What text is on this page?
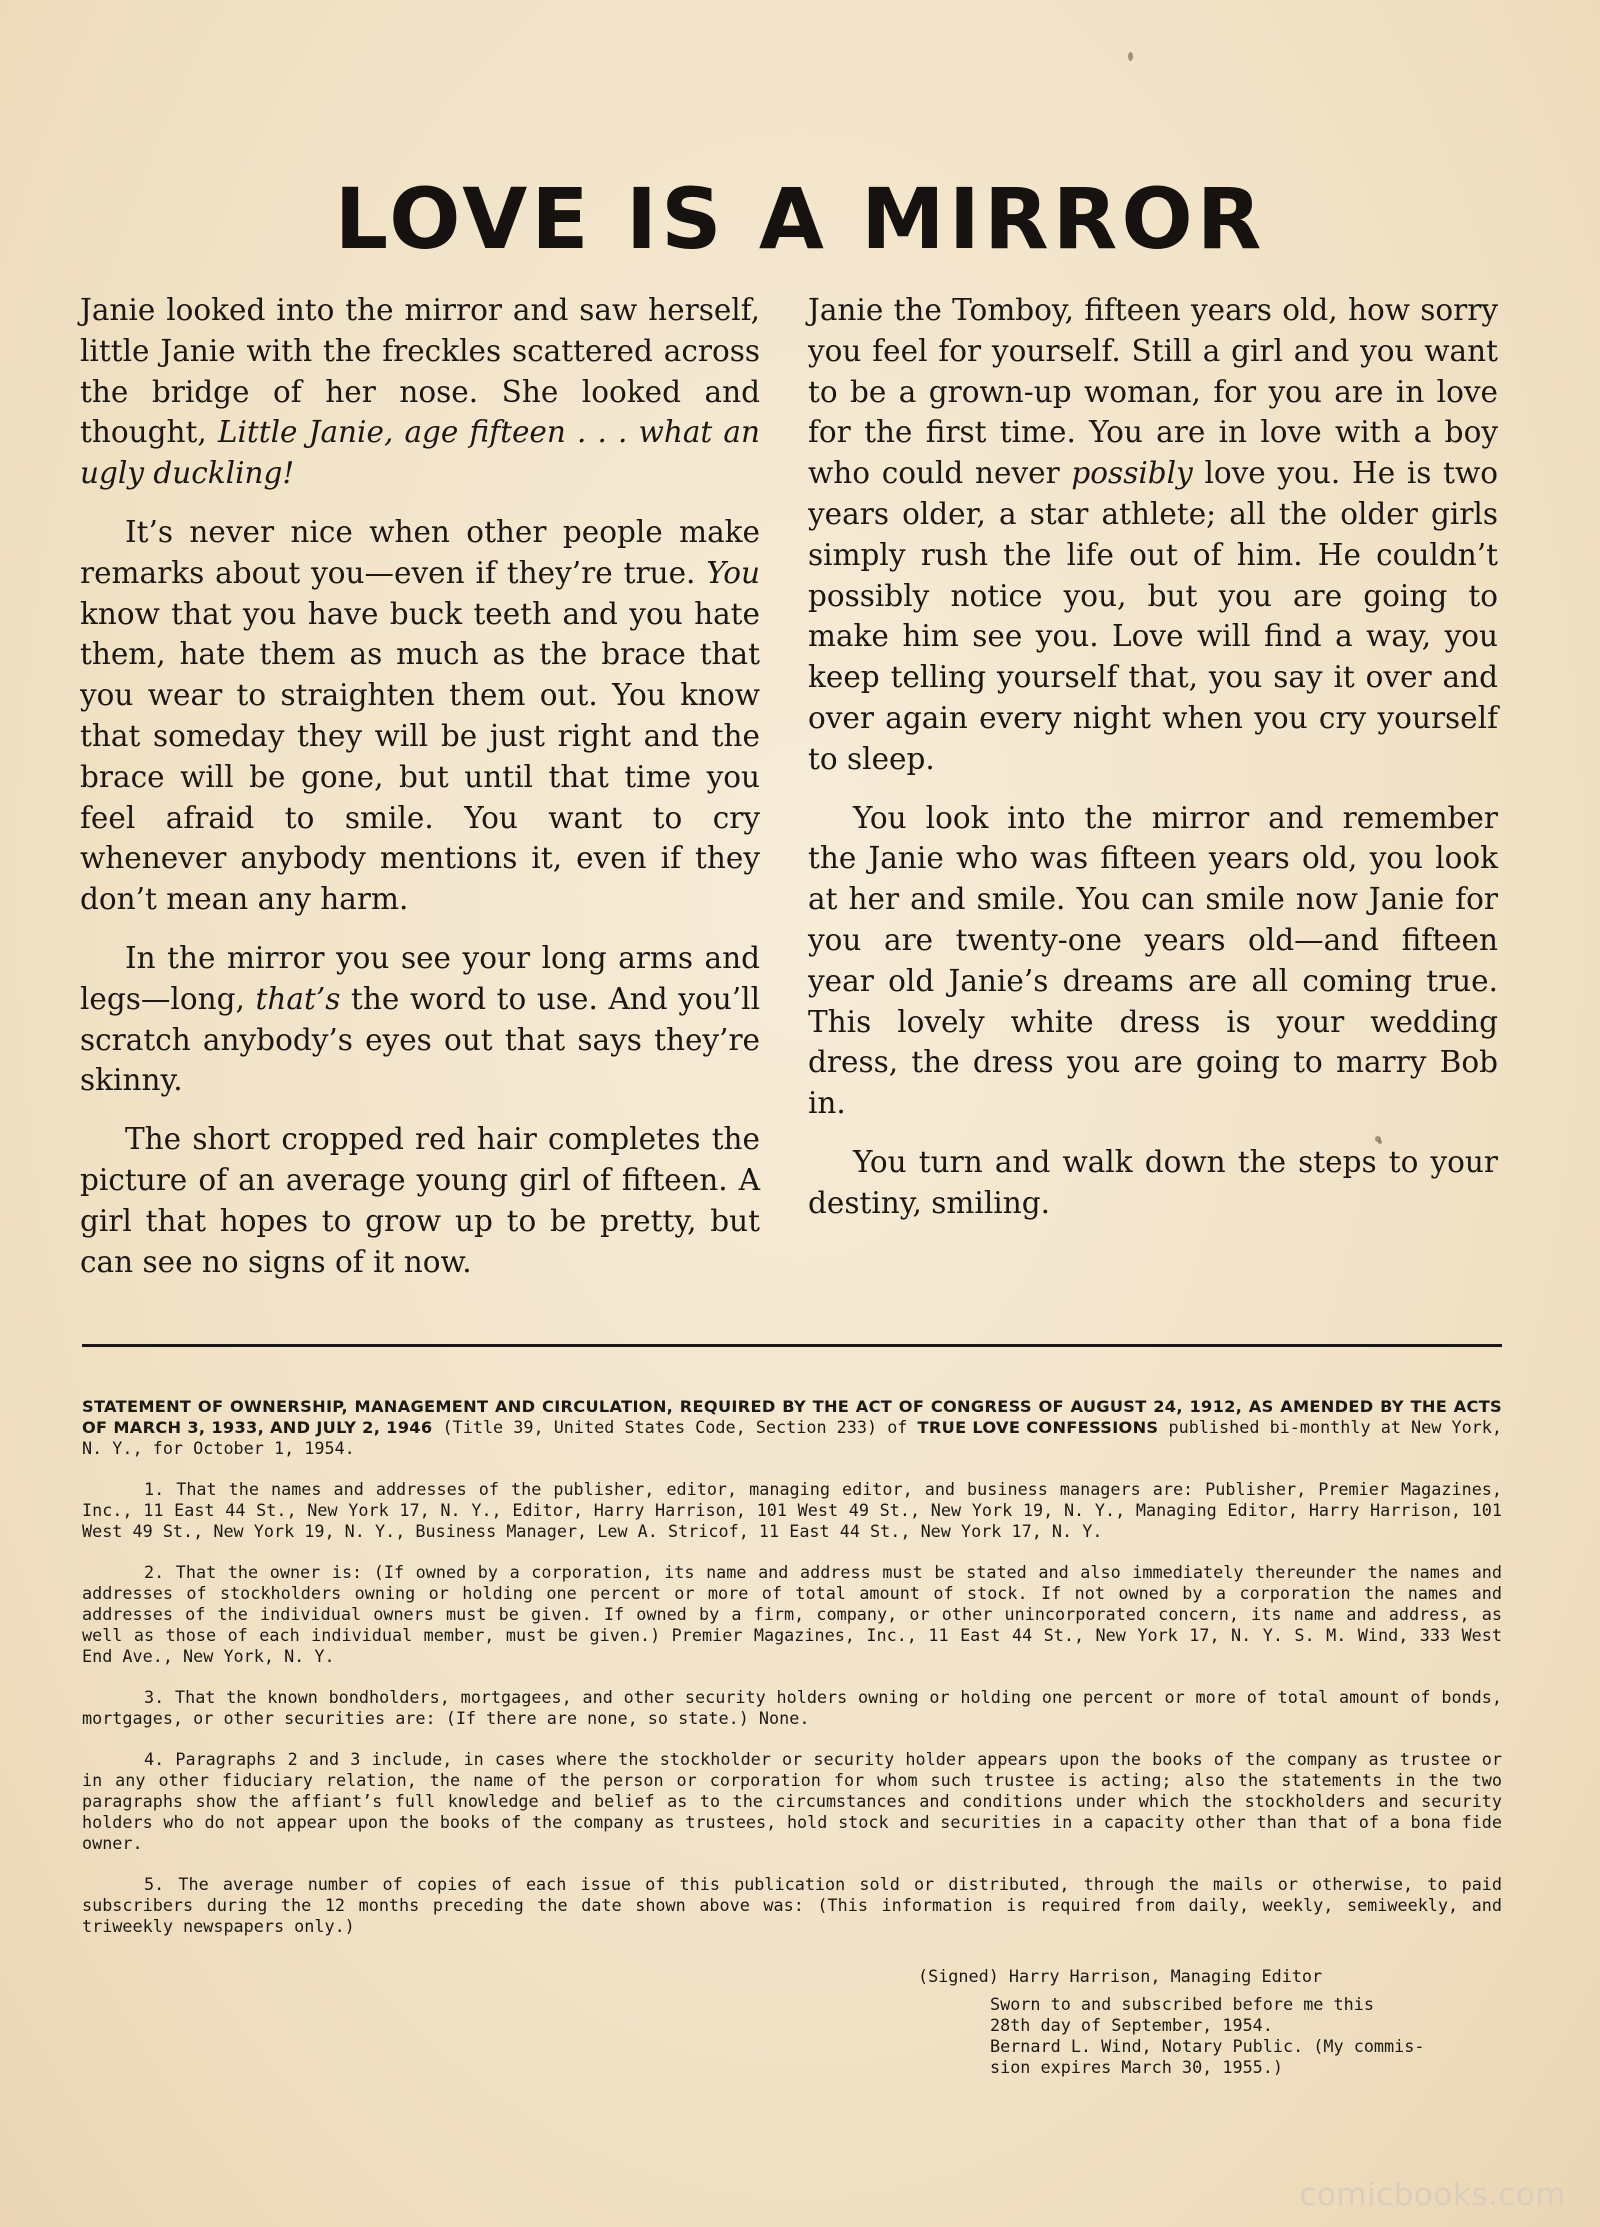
LOVE IS A MIRROR

Janie looked into the mirror and saw herself, little Janie with the freckles scattered across the bridge of her nose. She looked and thought, Little Janie, age fifteen . . . what an ugly duckling!

It’s never nice when other people make remarks about you—even if they’re true. You know that you have buck teeth and you hate them, hate them as much as the brace that you wear to straighten them out. You know that someday they will be just right and the brace will be gone, but until that time you feel afraid to smile. You want to cry whenever anybody mentions it, even if they don’t mean any harm.

In the mirror you see your long arms and legs—long, that’s the word to use. And you’ll scratch anybody’s eyes out that says they’re skinny.

The short cropped red hair completes the picture of an average young girl of fifteen. A girl that hopes to grow up to be pretty, but can see no signs of it now.

Janie the Tomboy, fifteen years old, how sorry you feel for yourself. Still a girl and you want to be a grown-up woman, for you are in love for the first time. You are in love with a boy who could never possibly love you. He is two years older, a star athlete; all the older girls simply rush the life out of him. He couldn’t possibly notice you, but you are going to make him see you. Love will find a way, you keep telling yourself that, you say it over and over again every night when you cry yourself to sleep.

You look into the mirror and remember the Janie who was fifteen years old, you look at her and smile. You can smile now Janie for you are twenty-one years old—and fifteen year old Janie’s dreams are all coming true. This lovely white dress is your wedding dress, the dress you are going to marry Bob in.

You turn and walk down the steps to your destiny, smiling.

STATEMENT OF OWNERSHIP, MANAGEMENT AND CIRCULATION, REQUIRED BY THE ACT OF CONGRESS OF AUGUST 24, 1912, AS AMENDED BY THE ACTS OF MARCH 3, 1933, AND JULY 2, 1946 (Title 39, United States Code, Section 233) of TRUE LOVE CONFESSIONS published bi-monthly at New York, N. Y., for October 1, 1954.

1. That the names and addresses of the publisher, editor, managing editor, and business managers are: Publisher, Premier Magazines, Inc., 11 East 44 St., New York 17, N. Y., Editor, Harry Harrison, 101 West 49 St., New York 19, N. Y., Managing Editor, Harry Harrison, 101 West 49 St., New York 19, N. Y., Business Manager, Lew A. Stricof, 11 East 44 St., New York 17, N. Y.

2. That the owner is: (If owned by a corporation, its name and address must be stated and also immediately thereunder the names and addresses of stockholders owning or holding one percent or more of total amount of stock. If not owned by a corporation the names and addresses of the individual owners must be given. If owned by a firm, company, or other unincorporated concern, its name and address, as well as those of each individual member, must be given.) Premier Magazines, Inc., 11 East 44 St., New York 17, N. Y. S. M. Wind, 333 West End Ave., New York, N. Y.

3. That the known bondholders, mortgagees, and other security holders owning or holding one percent or more of total amount of bonds, mortgages, or other securities are: (If there are none, so state.) None.

4. Paragraphs 2 and 3 include, in cases where the stockholder or security holder appears upon the books of the company as trustee or in any other fiduciary relation, the name of the person or corporation for whom such trustee is acting; also the statements in the two paragraphs show the affiant’s full knowledge and belief as to the circumstances and conditions under which the stockholders and security holders who do not appear upon the books of the company as trustees, hold stock and securities in a capacity other than that of a bona fide owner.

5. The average number of copies of each issue of this publication sold or distributed, through the mails or otherwise, to paid subscribers during the 12 months preceding the date shown above was: (This information is required from daily, weekly, semiweekly, and triweekly newspapers only.)

(Signed) Harry Harrison, Managing Editor
Sworn to and subscribed before me this
28th day of September, 1954.
Bernard L. Wind, Notary Public. (My commis-
sion expires March 30, 1955.)
comicbooks.com
